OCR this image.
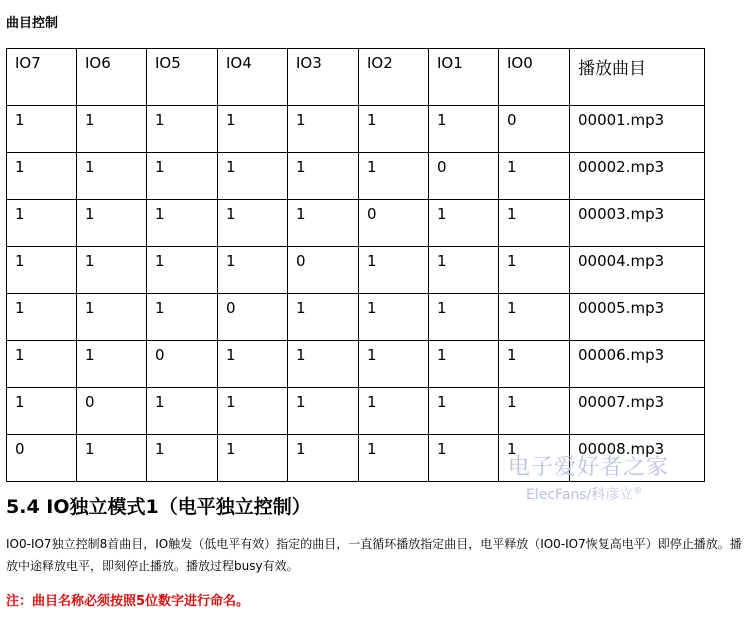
曲目控制
IO7	IO6	IO5	IO4	IO3	IO2	IO1	IO0	播放曲目
1	1	1	1	1	1	1	0	00001.mp3
1	1	1	1	1	1	0	1	00002.mp3
1	1	1	1	1	0	1	1	00003.mp3
1	1	1	1	0	1	1	1	00004.mp3
1	1	1	0	1	1	1	1	00005.mp3
1	1	0	1	1	1	1	1	00006.mp3
1	0	1	1	1	1	1	1	00007.mp3
0	1	1	1	1	1	1	1	00008.mp3
电子爱好者之家
ElecFans/科彦立®
5.4 IO独立模式1（电平独立控制）
IO0-IO7独立控制8首曲目，IO触发（低电平有效）指定的曲目，一直循环播放指定曲目，电平释放（IO0-IO7恢复高电平）即停止播放。播放中途释放电平，即刻停止播放。播放过程busy有效。
注：曲目名称必须按照5位数字进行命名。
